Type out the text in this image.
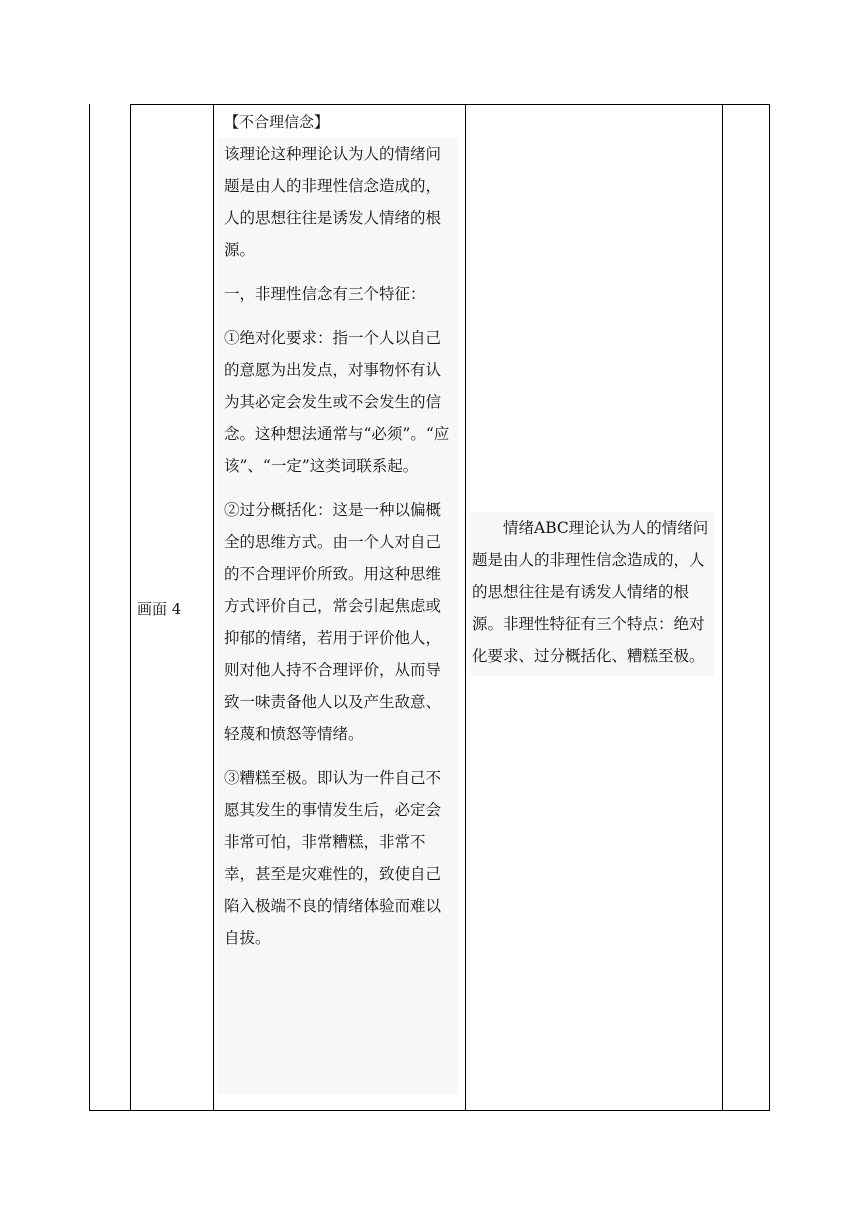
画面 4
【不合理信念】

该理论这种理论认为人的情绪问题是由人的非理性信念造成的，人的思想往往是诱发人情绪的根源。

一，非理性信念有三个特征：

①绝对化要求：指一个人以自己的意愿为出发点，对事物怀有认为其必定会发生或不会发生的信念。这种想法通常与“必须”。“应该”、“一定”这类词联系起。

②过分概括化：这是一种以偏概全的思维方式。由一个人对自己的不合理评价所致。用这种思维方式评价自己，常会引起焦虑或抑郁的情绪，若用于评价他人，则对他人持不合理评价，从而导致一味责备他人以及产生敌意、轻蔑和愤怒等情绪。

③糟糕至极。即认为一件自己不愿其发生的事情发生后，必定会非常可怕，非常糟糕，非常不幸，甚至是灾难性的，致使自己陷入极端不良的情绪体验而难以自拔。

情绪ABC理论认为人的情绪问题是由人的非理性信念造成的，人的思想往往是有诱发人情绪的根源。非理性特征有三个特点：绝对化要求、过分概括化、糟糕至极。
